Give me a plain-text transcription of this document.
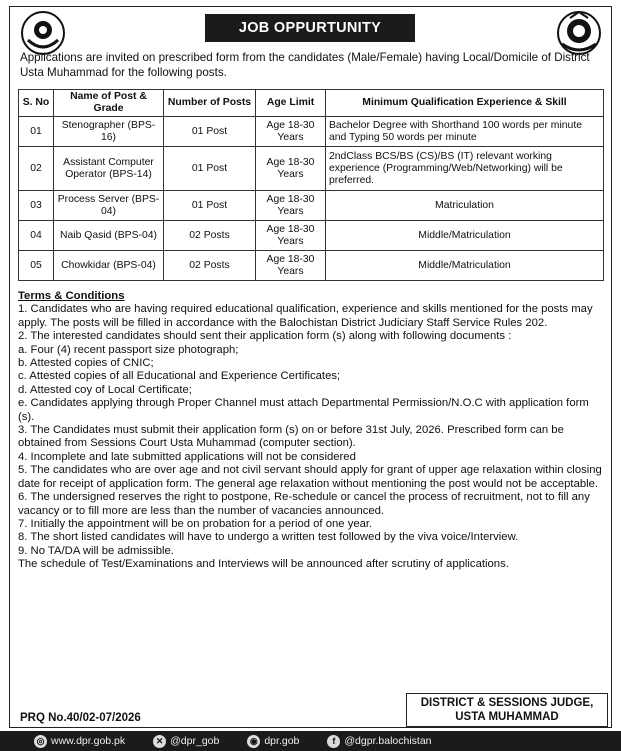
JOB OPPURTUNITY
Applications are invited on prescribed form from the candidates (Male/Female) having Local/Domicile of District Usta Muhammad for the following posts.
S. No	Name of Post & Grade	Number of Posts	Age Limit	Minimum Qualification Experience & Skill
01	Stenographer (BPS-16)	01 Post	Age 18-30 Years	Bachelor Degree with Shorthand 100 words per minute and Typing 50 words per minute
02	Assistant Computer Operator (BPS-14)	01 Post	Age 18-30 Years	2ndClass BCS/BS (CS)/BS (IT) relevant working experience (Programming/Web/Networking) will be preferred.
03	Process Server (BPS-04)	01 Post	Age 18-30 Years	Matriculation
04	Naib Qasid (BPS-04)	02 Posts	Age 18-30 Years	Middle/Matriculation
05	Chowkidar (BPS-04)	02 Posts	Age 18-30 Years	Middle/Matriculation

Terms & Conditions

1. Candidates who are having required educational qualification, experience and skills mentioned for the posts may apply. The posts will be filled in accordance with the Balochistan District Judiciary Staff Service Rules 202.

2. The interested candidates should sent their application form (s) along with following documents :

a. Four (4) recent passport size photograph;

b. Attested copies of CNIC;

c. Attested copies of all Educational and Experience Certificates;

d. Attested coy of Local Certificate;

e. Candidates applying through Proper Channel must attach Departmental Permission/N.O.C with application form (s).

3. The Candidates must submit their application form (s) on or before 31st July, 2026. Prescribed form can be obtained from Sessions Court Usta Muhammad (computer section).

4. Incomplete and late submitted applications will not be considered

5. The candidates who are over age and not civil servant should apply for grant of upper age relaxation within closing date for receipt of application form. The general age relaxation without mentioning the post would not be acceptable.

6. The undersigned reserves the right to postpone, Re-schedule or cancel the process of recruitment, not to fill any vacancy or to fill more are less than the number of vacancies announced.

7. Initially the appointment will be on probation for a period of one year.

8. The short listed candidates will have to undergo a written test followed by the viva voice/Interview.

9. No TA/DA will be admissible.

The schedule of Test/Examinations and Interviews will be announced after scrutiny of applications.

PRQ No.40/02-07/2026
DISTRICT & SESSIONS JUDGE,
USTA MUHAMMAD
◎ www.dpr.gob.pk	✕ @dpr_gob	◉ dpr.gob	f @dgpr.balochistan
